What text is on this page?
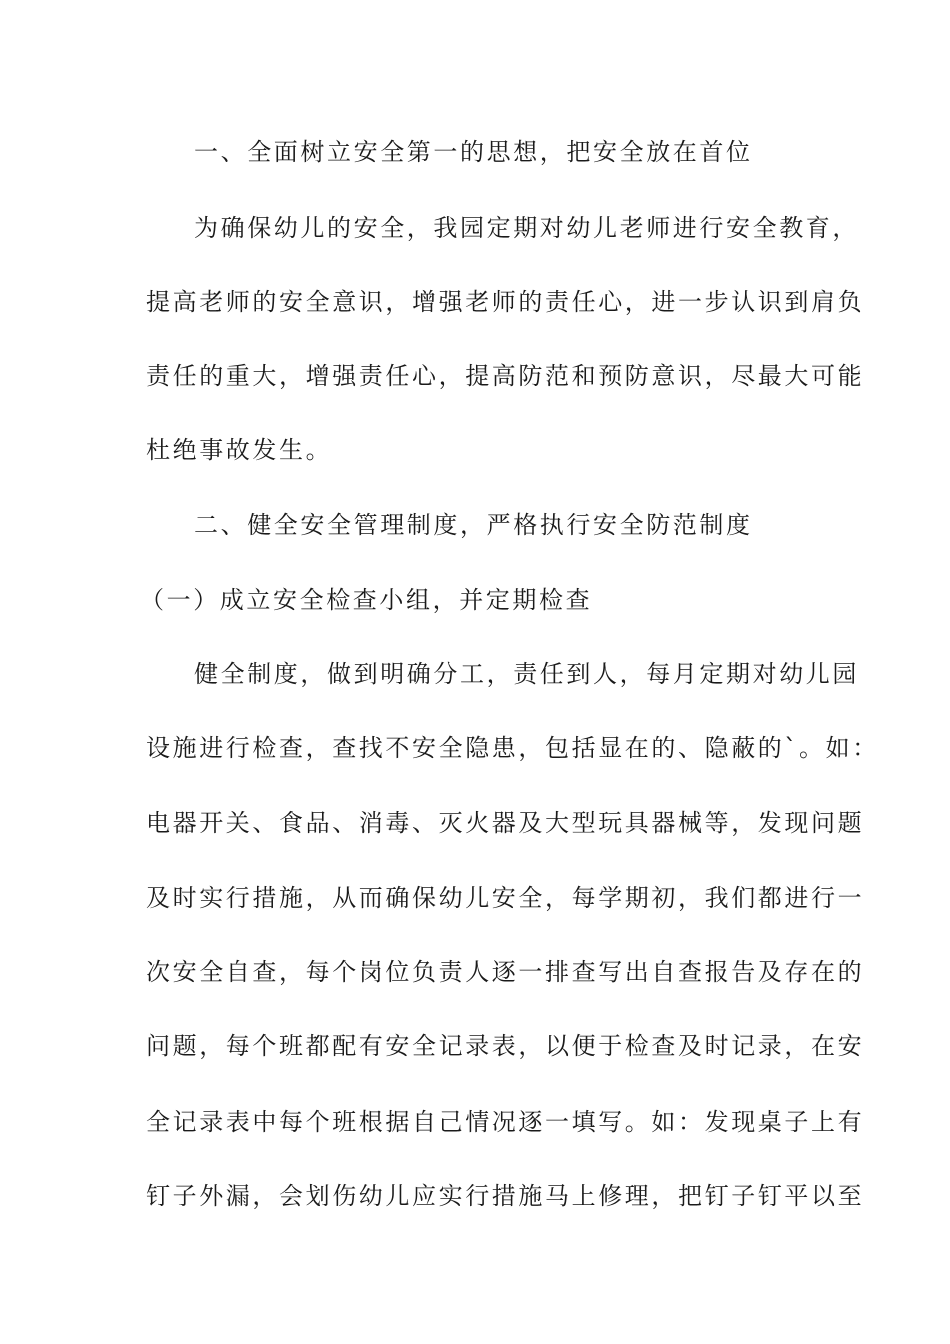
一、全面树立安全第一的思想，把安全放在首位
为确保幼儿的安全，我园定期对幼儿老师进行安全教育，
提高老师的安全意识，增强老师的责任心，进一步认识到肩负
责任的重大，增强责任心，提高防范和预防意识，尽最大可能
杜绝事故发生。
二、健全安全管理制度，严格执行安全防范制度
（一）成立安全检查小组，并定期检查
健全制度，做到明确分工，责任到人，每月定期对幼儿园
设施进行检查，查找不安全隐患，包括显在的、隐蔽的`。如：
电器开关、食品、消毒、灭火器及大型玩具器械等，发现问题
及时实行措施，从而确保幼儿安全，每学期初，我们都进行一
次安全自查，每个岗位负责人逐一排查写出自查报告及存在的
问题，每个班都配有安全记录表，以便于检查及时记录，在安
全记录表中每个班根据自己情况逐一填写。如：发现桌子上有
钉子外漏，会划伤幼儿应实行措施马上修理，把钉子钉平以至
